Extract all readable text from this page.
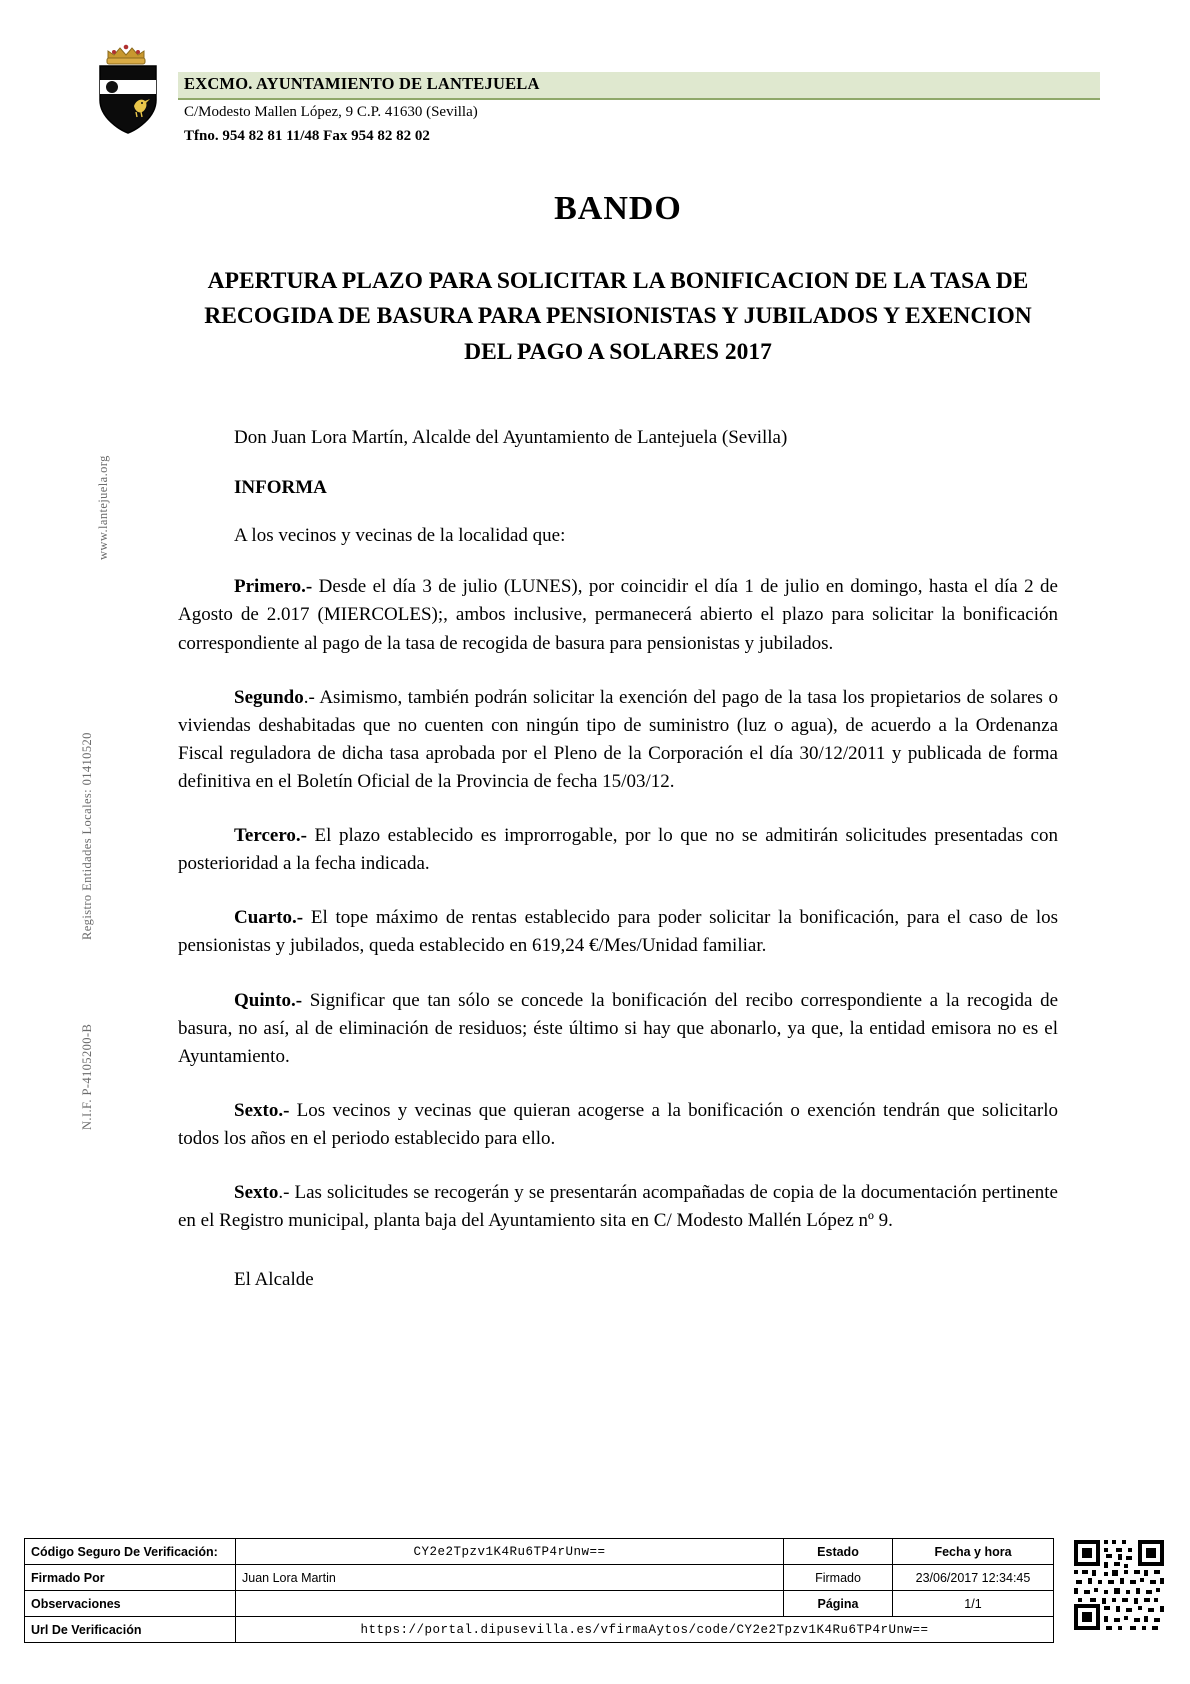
EXCMO. AYUNTAMIENTO DE LANTEJUELA
C/Modesto Mallen López, 9 C.P. 41630 (Sevilla)
Tfno. 954 82 81 11/48 Fax 954 82 82 02
www.lantejuela.org
Registro Entidades Locales: 01410520
N.I.F. P-4105200-B
BANDO
APERTURA PLAZO PARA SOLICITAR LA BONIFICACION DE LA TASA DE RECOGIDA DE BASURA PARA PENSIONISTAS Y JUBILADOS Y EXENCION DEL PAGO A SOLARES 2017

Don Juan Lora Martín, Alcalde del Ayuntamiento de Lantejuela (Sevilla)

INFORMA

A los vecinos y vecinas de la localidad que:

Primero.- Desde el día 3 de julio (LUNES), por coincidir el día 1 de julio en domingo, hasta el día 2 de Agosto de 2.017 (MIERCOLES);, ambos inclusive, permanecerá abierto el plazo para solicitar la bonificación correspondiente al pago de la tasa de recogida de basura para pensionistas y jubilados.

Segundo.- Asimismo, también podrán solicitar la exención del pago de la tasa los propietarios de solares o viviendas deshabitadas que no cuenten con ningún tipo de suministro (luz o agua), de acuerdo a la Ordenanza Fiscal reguladora de dicha tasa aprobada por el Pleno de la Corporación el día 30/12/2011 y publicada de forma definitiva en el Boletín Oficial de la Provincia de fecha 15/03/12.

Tercero.- El plazo establecido es improrrogable, por lo que no se admitirán solicitudes presentadas con posterioridad a la fecha indicada.

Cuarto.- El tope máximo de rentas establecido para poder solicitar la bonificación, para el caso de los pensionistas y jubilados, queda establecido en 619,24 €/Mes/Unidad familiar.

Quinto.- Significar que tan sólo se concede la bonificación del recibo correspondiente a la recogida de basura, no así, al de eliminación de residuos; éste último si hay que abonarlo, ya que, la entidad emisora no es el Ayuntamiento.

Sexto.- Los vecinos y vecinas que quieran acogerse a la bonificación o exención tendrán que solicitarlo todos los años en el periodo establecido para ello.

Sexto.- Las solicitudes se recogerán y se presentarán acompañadas de copia de la documentación pertinente en el Registro municipal, planta baja del Ayuntamiento sita en C/ Modesto Mallén López nº 9.

El Alcalde

Código Seguro De Verificación:	CY2e2Tpzv1K4Ru6TP4rUnw==	Estado	Fecha y hora
Firmado Por	Juan Lora Martin	Firmado	23/06/2017 12:34:45
Observaciones		Página	1/1
Url De Verificación	https://portal.dipusevilla.es/vfirmaAytos/code/CY2e2Tpzv1K4Ru6TP4rUnw==		
